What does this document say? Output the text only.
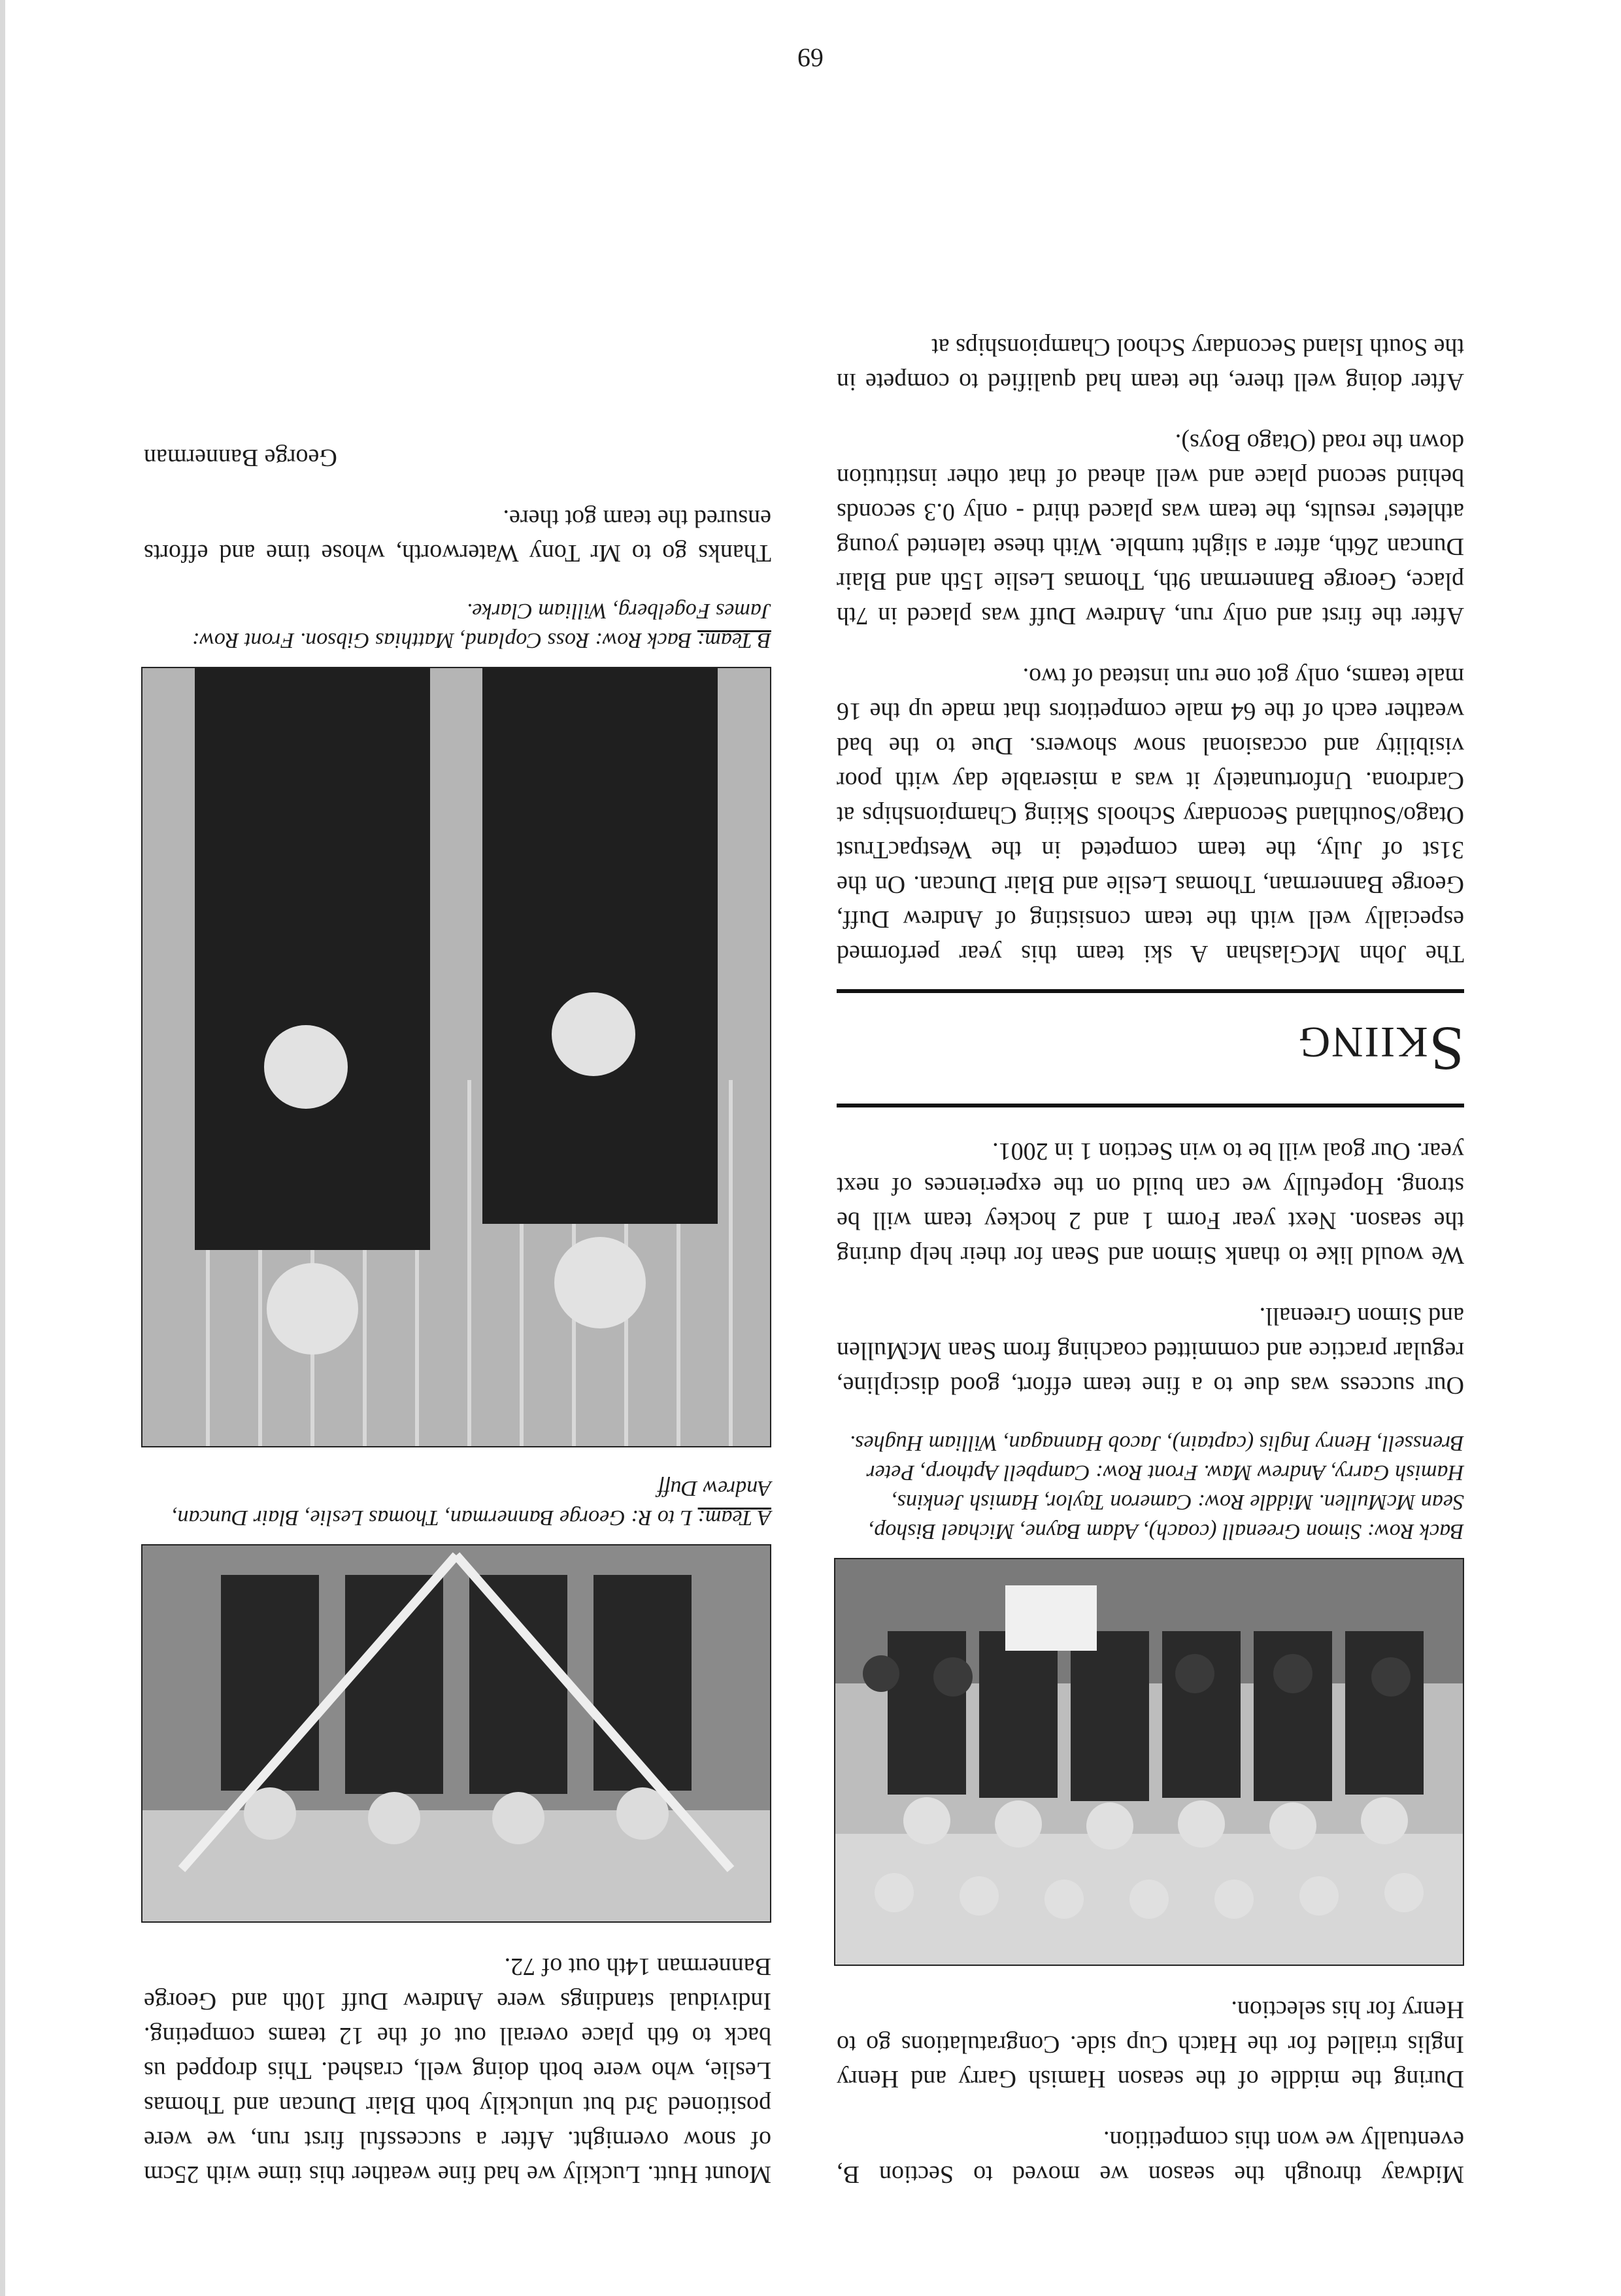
Midway through the season we moved to Section B, eventually we won this competition.

During the middle of the season Hamish Garry and Henry Inglis trialled for the Hatch Cup side. Congratulations go to Henry for his selection.

Back Row: Simon Greenall (coach), Adam Bayne, Michael Bishop, Sean McMullen. Middle Row: Cameron Taylor, Hamish Jenkins, Hamish Garry, Andrew Maw. Front Row: Campbell Apthorp, Peter Brenssell, Henry Inglis (captain), Jacob Hannagan, William Hughes.

Our success was due to a fine team effort, good discipline, regular practice and committed coaching from Sean McMullen and Simon Greenall.

We would like to thank Simon and Sean for their help during the season. Next year Form 1 and 2 hockey team will be strong. Hopefully we can build on the experiences of next year. Our goal will be to win Section 1 in 2001.

Skiing

The John McGlashan A ski team this year performed especially well with the team consisting of Andrew Duff, George Bannerman, Thomas Leslie and Blair Duncan. On the 31st of July, the team competed in the WestpacTrust Otago/Southland Secondary Schools Skiing Championships at Cardrona. Unfortunately it was a miserable day with poor visibility and occasional snow showers. Due to the bad weather each of the 64 male competitors that made up the 16 male teams, only got one run instead of two.

After the first and only run, Andrew Duff was placed in 7th place, George Bannerman 9th, Thomas Leslie 15th and Blair Duncan 26th, after a slight tumble. With these talented young athletes' results, the team was placed third - only 0.3 seconds behind second place and well ahead of that other institution down the road (Otago Boys).

After doing well there, the team had qualified to compete in the South Island Secondary School Championships at

Mount Hutt. Luckily we had fine weather this time with 25cm of snow overnight. After a successful first run, we were positioned 3rd but unluckily both Blair Duncan and Thomas Leslie, who were both doing well, crashed. This dropped us back to 6th place overall out of the 12 teams competing. Individual standings were Andrew Duff 10th and George Bannerman 14th out of 72.

A Team: L to R: George Bannerman, Thomas Leslie, Blair Duncan, Andrew Duff

B Team: Back Row: Ross Copland, Matthias Gibson. Front Row: James Fogelberg, William Clarke.

Thanks go to Mr Tony Waterworth, whose time and efforts ensured the team got there.

George Bannerman

69
